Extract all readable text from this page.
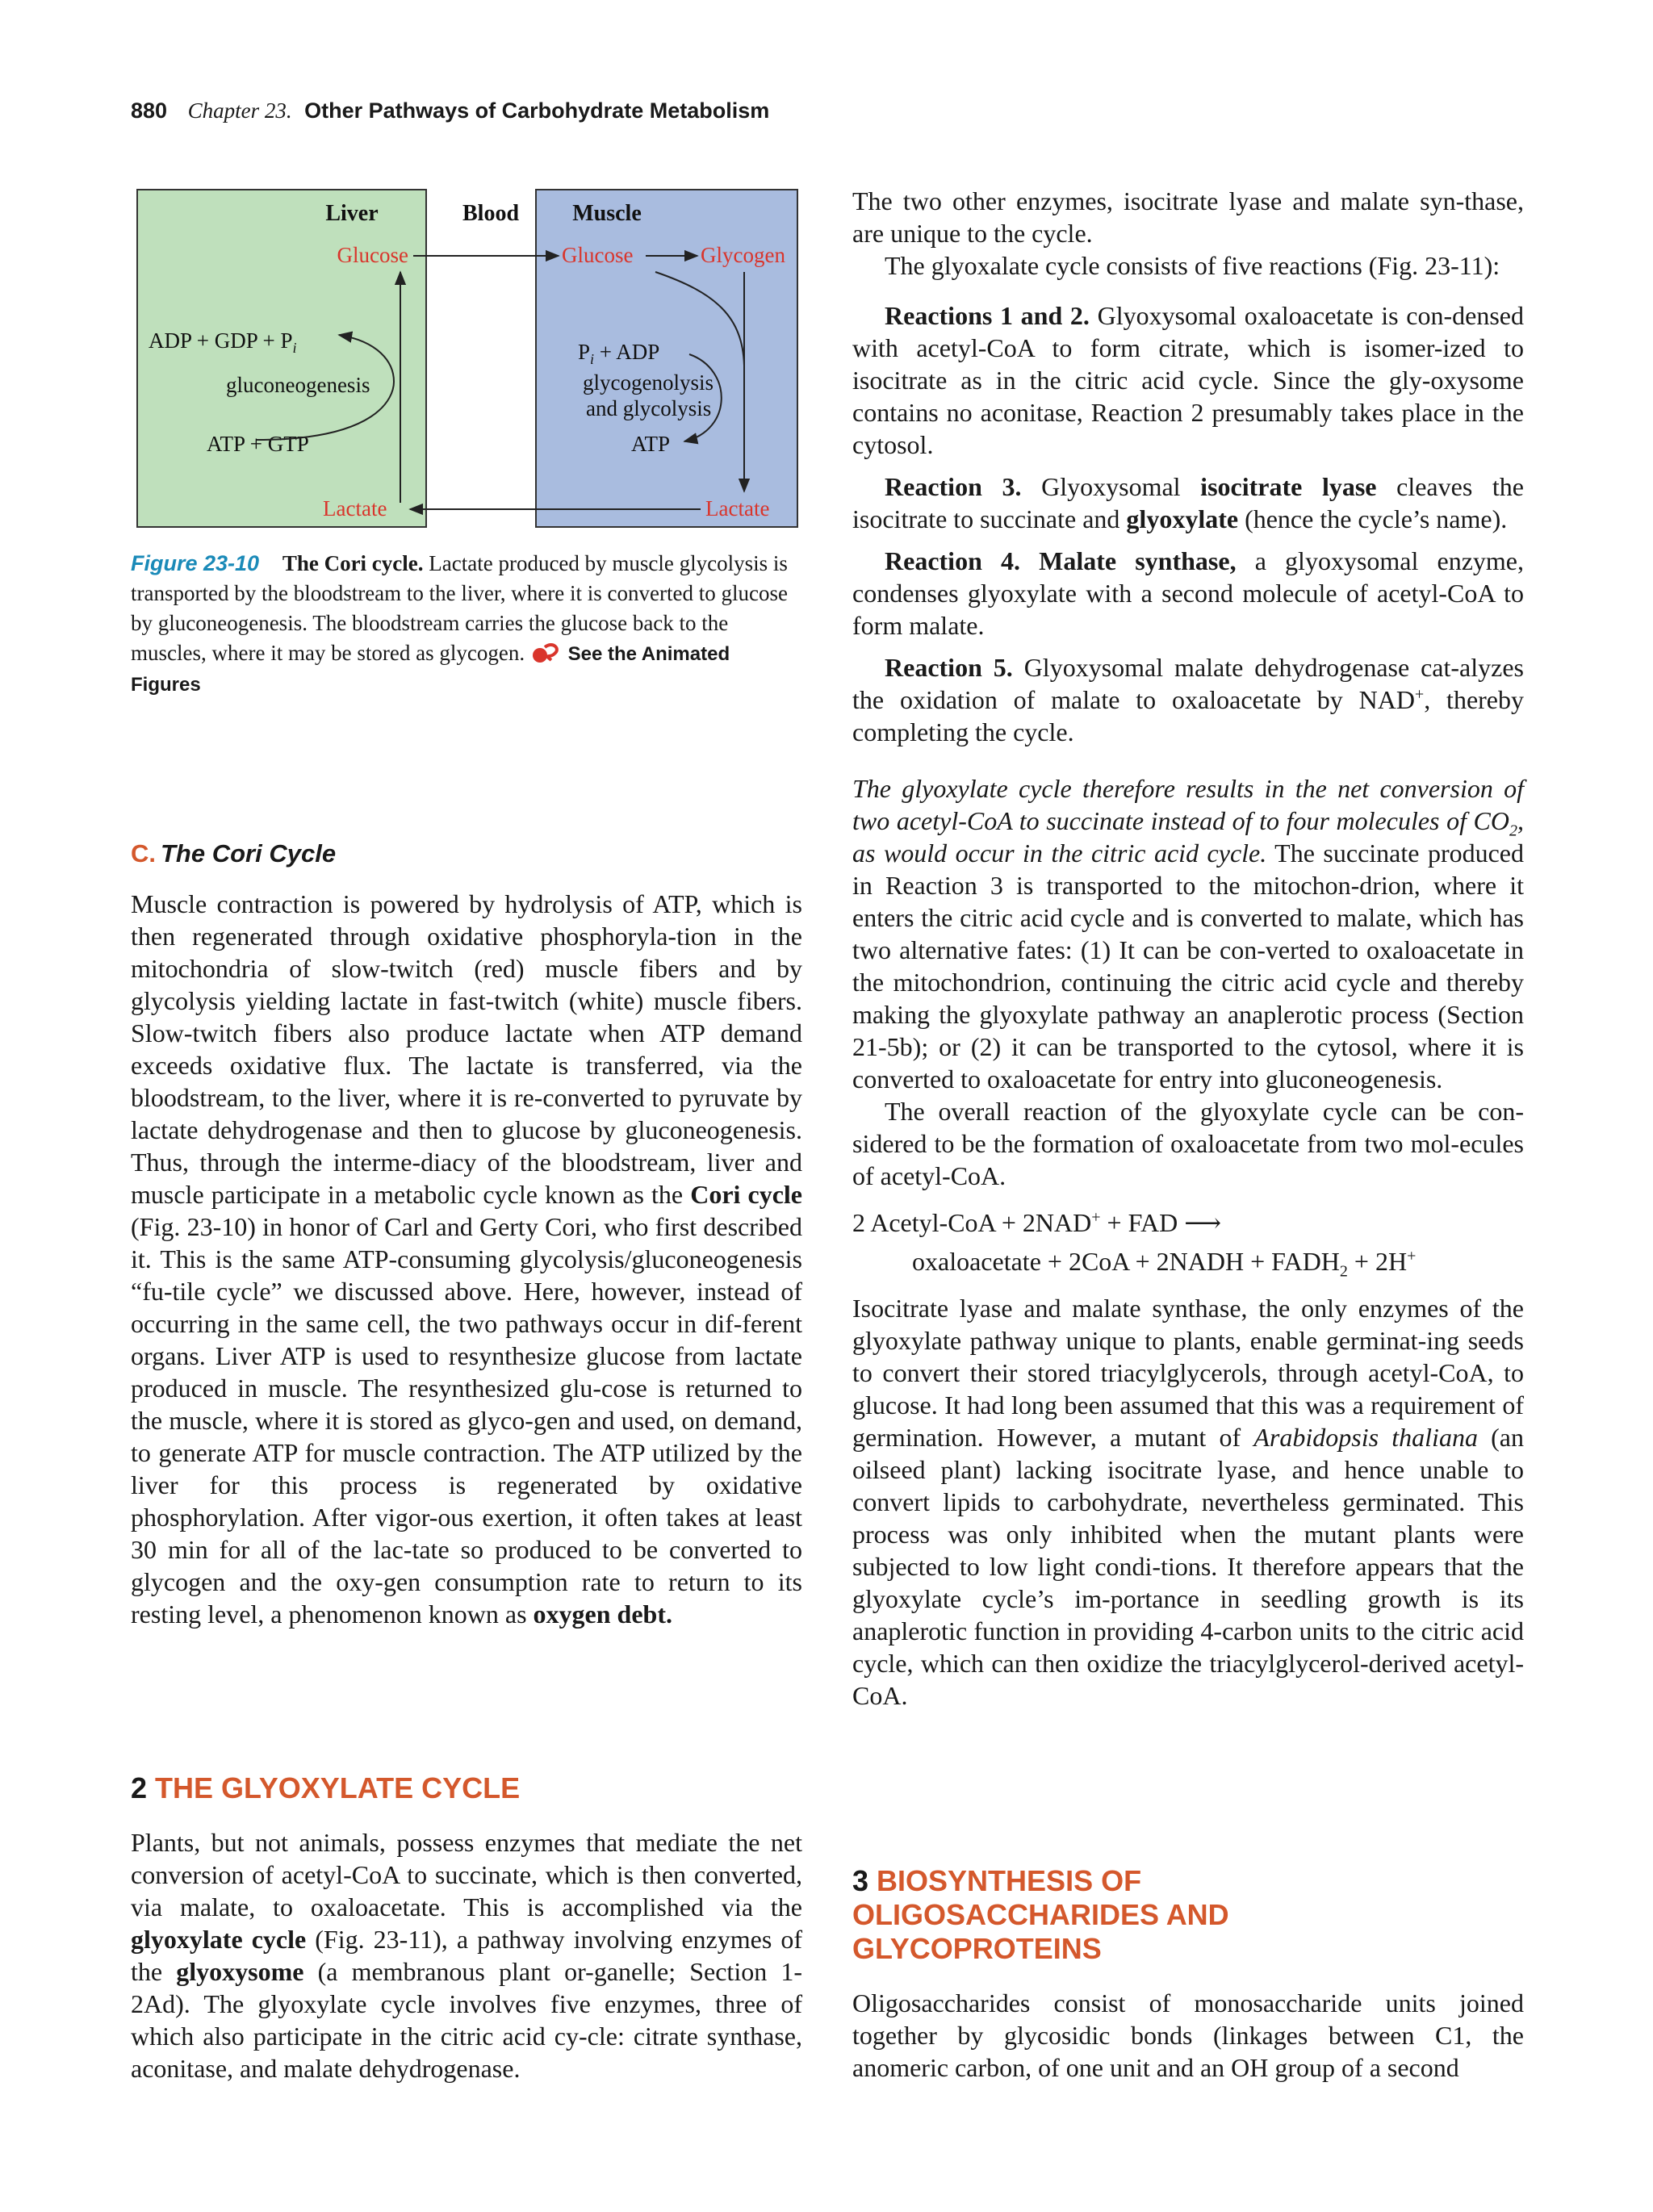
880 Chapter 23. Other Pathways of Carbohydrate Metabolism
Liver	Blood Muscle
Glucose	Glucose	Glycogen
ADP + GDP + $P_i$
gluconeogenesis
ATP + GTP
$P_i$ + ADP
glycogenolysis
and glycolysis
ATP
Lactate	Lactate
Figure 23-10 The Cori cycle. Lactate produced by muscle glycolysis is transported by the bloodstream to the liver, where it is converted to glucose by gluconeogenesis. The bloodstream carries the glucose back to the muscles, where it may be stored as glycogen. See the Animated Figures
C. The Cori Cycle

Muscle contraction is powered by hydrolysis of ATP, which is then regenerated through oxidative phosphoryla-tion in the mitochondria of slow-twitch (red) muscle fibers and by glycolysis yielding lactate in fast-twitch (white) muscle fibers. Slow-twitch fibers also produce lactate when ATP demand exceeds oxidative flux. The lactate is transferred, via the bloodstream, to the liver, where it is re-converted to pyruvate by lactate dehydrogenase and then to glucose by gluconeogenesis. Thus, through the interme-diacy of the bloodstream, liver and muscle participate in a metabolic cycle known as the Cori cycle (Fig. 23-10) in honor of Carl and Gerty Cori, who first described it. This is the same ATP-consuming glycolysis/gluconeogenesis “fu-tile cycle” we discussed above. Here, however, instead of occurring in the same cell, the two pathways occur in dif-ferent organs. Liver ATP is used to resynthesize glucose from lactate produced in muscle. The resynthesized glu-cose is returned to the muscle, where it is stored as glyco-gen and used, on demand, to generate ATP for muscle contraction. The ATP utilized by the liver for this process is regenerated by oxidative phosphorylation. After vigor-ous exertion, it often takes at least 30 min for all of the lac-tate so produced to be converted to glycogen and the oxy-gen consumption rate to return to its resting level, a phenomenon known as oxygen debt.

2 THE GLYOXYLATE CYCLE

Plants, but not animals, possess enzymes that mediate the net conversion of acetyl-CoA to succinate, which is then converted, via malate, to oxaloacetate. This is accomplished via the glyoxylate cycle (Fig. 23-11), a pathway involving enzymes of the glyoxysome (a membranous plant or-ganelle; Section 1-2Ad). The glyoxylate cycle involves five enzymes, three of which also participate in the citric acid cy-cle: citrate synthase, aconitase, and malate dehydrogenase.

The two other enzymes, isocitrate lyase and malate syn-thase, are unique to the cycle.

The glyoxalate cycle consists of five reactions (Fig. 23-11):

Reactions 1 and 2. Glyoxysomal oxaloacetate is con-densed with acetyl-CoA to form citrate, which is isomer-ized to isocitrate as in the citric acid cycle. Since the gly-oxysome contains no aconitase, Reaction 2 presumably takes place in the cytosol.

Reaction 3. Glyoxysomal isocitrate lyase cleaves the isocitrate to succinate and glyoxylate (hence the cycle’s name).

Reaction 4. Malate synthase, a glyoxysomal enzyme, condenses glyoxylate with a second molecule of acetyl-CoA to form malate.

Reaction 5. Glyoxysomal malate dehydrogenase cat-alyzes the oxidation of malate to oxaloacetate by NAD+, thereby completing the cycle.

The glyoxylate cycle therefore results in the net conversion of two acetyl-CoA to succinate instead of to four molecules of $CO_2$, as would occur in the citric acid cycle. The succinate produced in Reaction 3 is transported to the mitochon-drion, where it enters the citric acid cycle and is converted to malate, which has two alternative fates: (1) It can be con-verted to oxaloacetate in the mitochondrion, continuing the citric acid cycle and thereby making the glyoxylate pathway an anaplerotic process (Section 21-5b); or (2) it can be transported to the cytosol, where it is converted to oxaloacetate for entry into gluconeogenesis.

The overall reaction of the glyoxylate cycle can be con-sidered to be the formation of oxaloacetate from two mol-ecules of acetyl-CoA.

2 Acetyl-CoA + 2NAD+ + FAD ⟶
oxaloacetate + 2CoA + 2NADH + $FADH_2 + 2H^+$

Isocitrate lyase and malate synthase, the only enzymes of the glyoxylate pathway unique to plants, enable germinat-ing seeds to convert their stored triacylglycerols, through acetyl-CoA, to glucose. It had long been assumed that this was a requirement of germination. However, a mutant of Arabidopsis thaliana (an oilseed plant) lacking isocitrate lyase, and hence unable to convert lipids to carbohydrate, nevertheless germinated. This process was only inhibited when the mutant plants were subjected to low light condi-tions. It therefore appears that the glyoxylate cycle’s im-portance in seedling growth is its anaplerotic function in providing 4-carbon units to the citric acid cycle, which can then oxidize the triacylglycerol-derived acetyl-CoA.

3 BIOSYNTHESIS OF
OLIGOSACCHARIDES AND
GLYCOPROTEINS

Oligosaccharides consist of monosaccharide units joined together by glycosidic bonds (linkages between C1, the anomeric carbon, of one unit and an OH group of a second
